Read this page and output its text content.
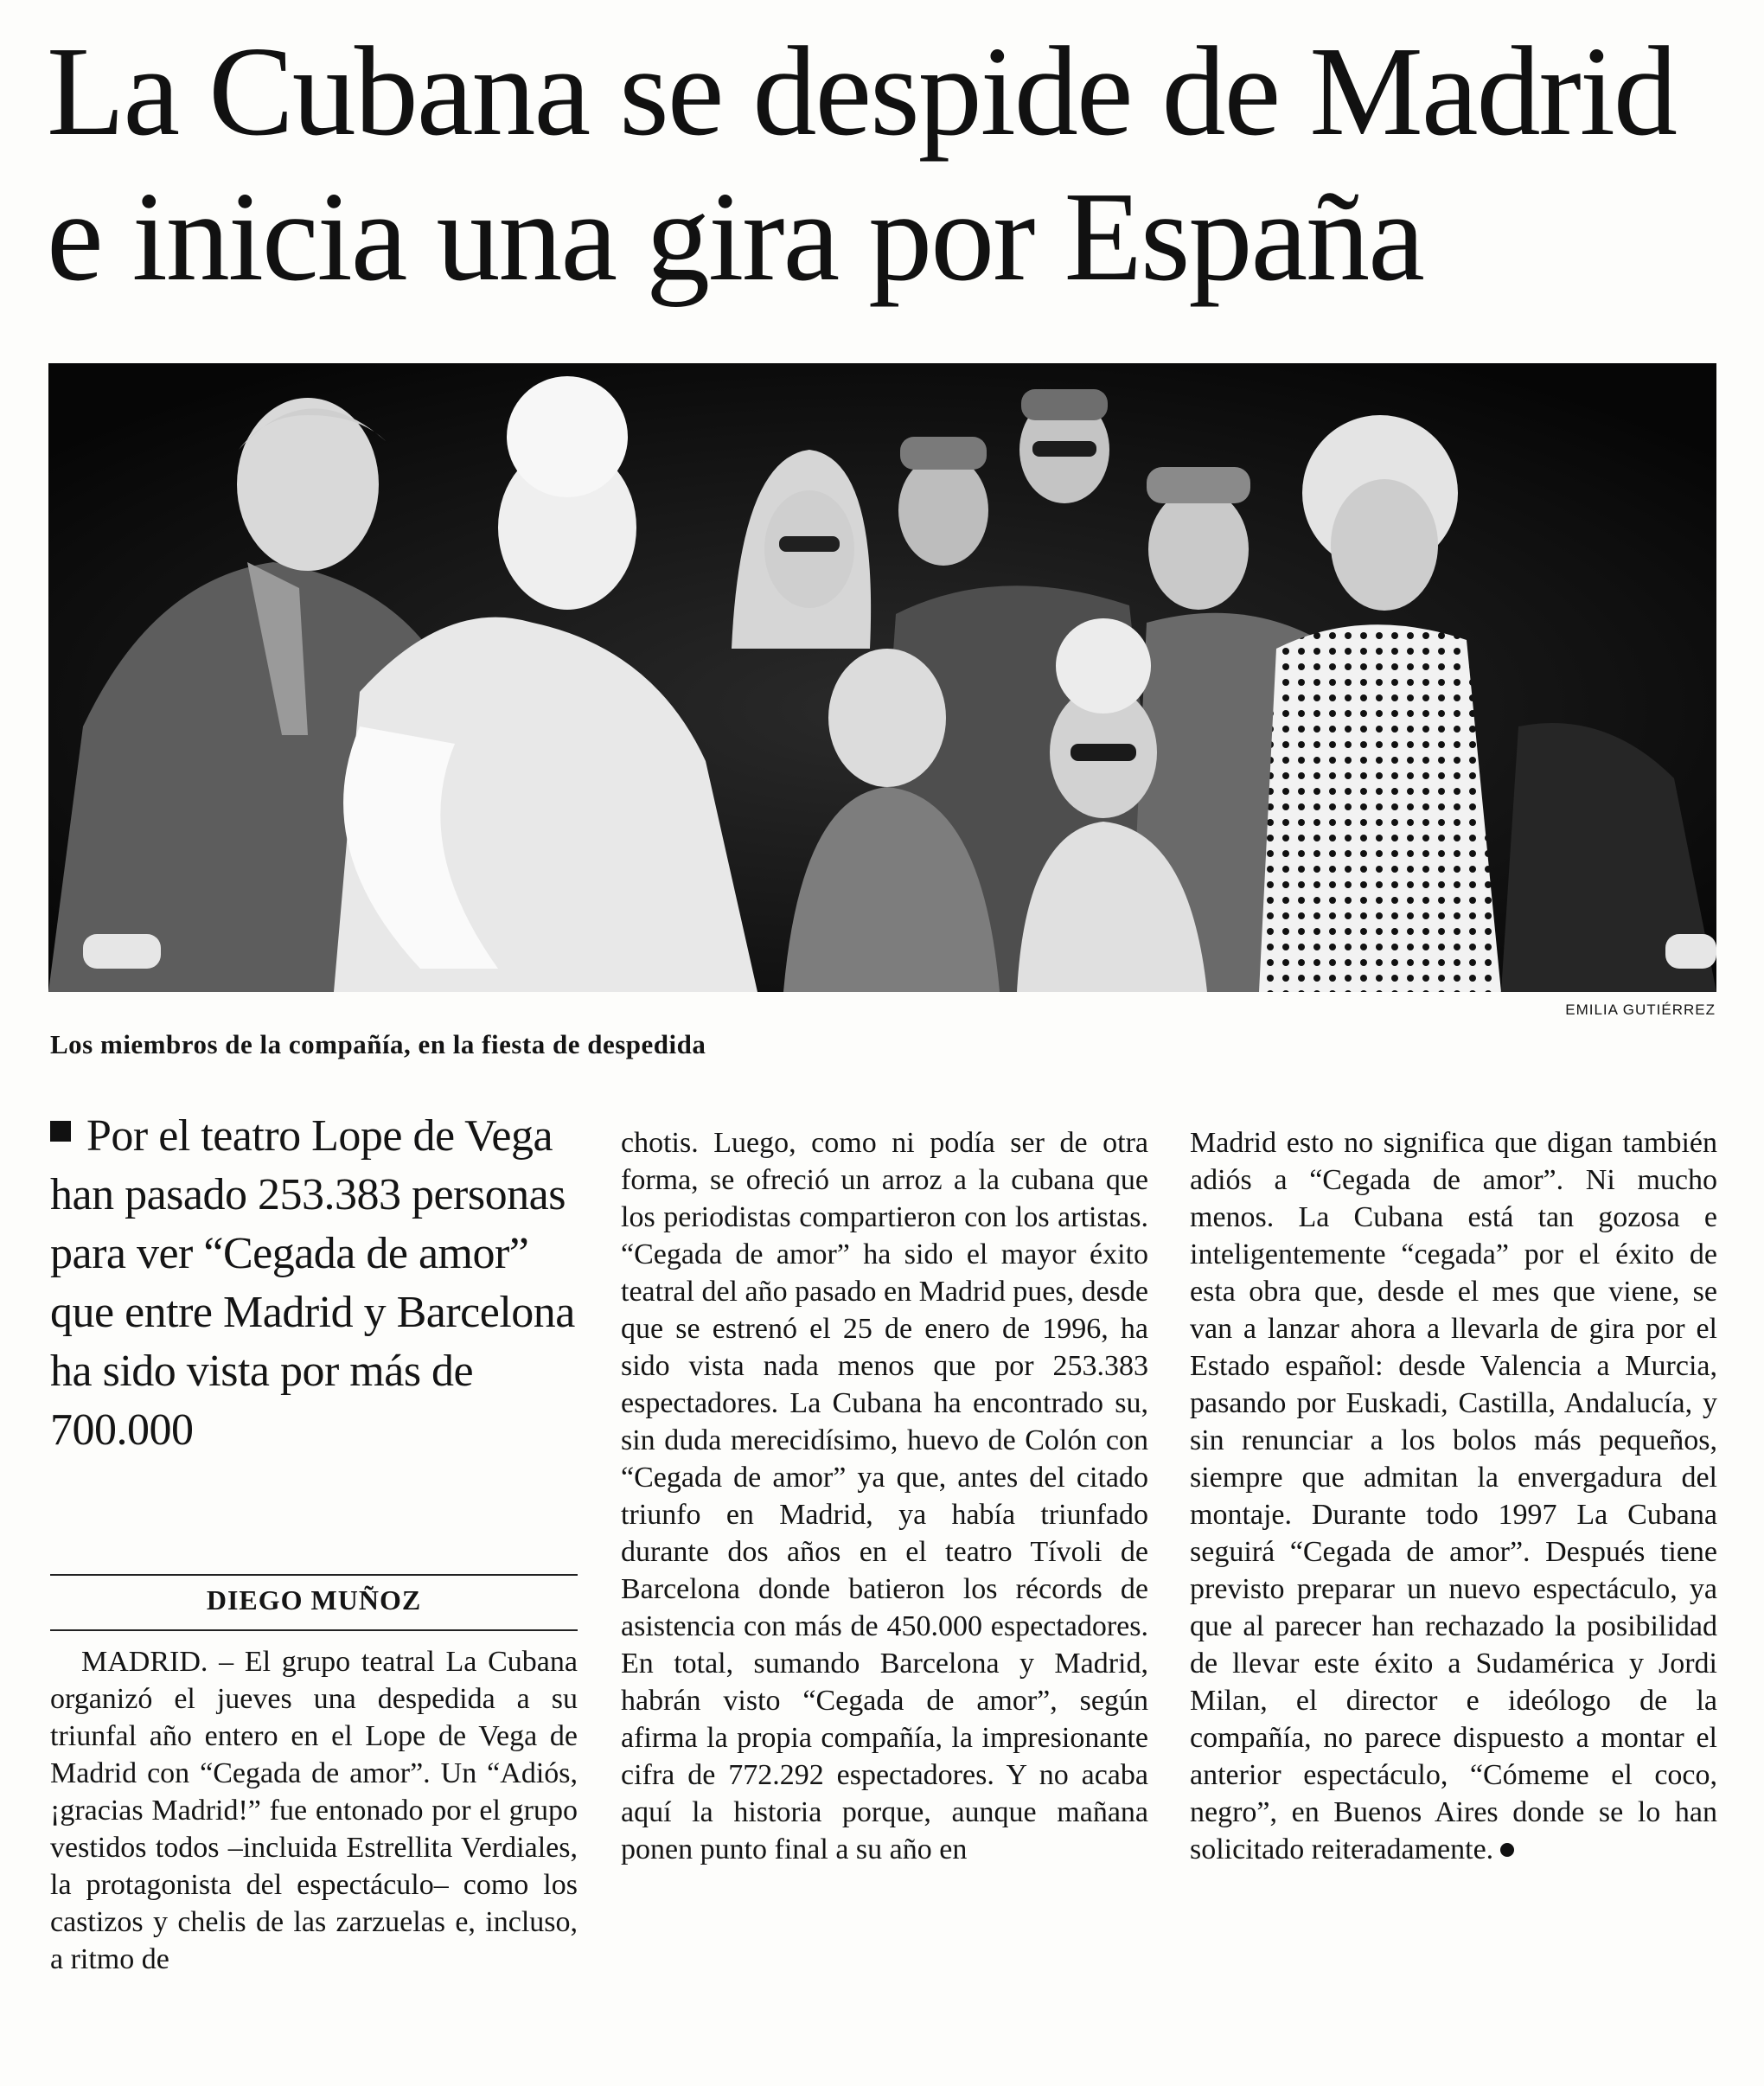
La Cubana se despide de Madrid
e inicia una gira por España
EMILIA GUTIÉRREZ
Los miembros de la compañía, en la fiesta de despedida
Por el teatro Lope de Vega han pasado 253.383 personas para ver “Cegada de amor” que entre Madrid y Barcelona ha sido vista por más de 700.000
DIEGO MUÑOZ
MADRID. – El grupo teatral La Cubana organizó el jueves una despedida a su triunfal año entero en el Lope de Vega de Madrid con “Cegada de amor”. Un “Adiós, ¡gracias Madrid!” fue entonado por el grupo vestidos todos –incluida Estrellita Verdiales, la protagonista del espectáculo– como los castizos y chelis de las zarzuelas e, incluso, a ritmo de
chotis. Luego, como ni podía ser de otra forma, se ofreció un arroz a la cubana que los periodistas compartieron con los artistas. “Cegada de amor” ha sido el mayor éxito teatral del año pasado en Madrid pues, desde que se estrenó el 25 de enero de 1996, ha sido vista nada menos que por 253.383 espectadores. La Cubana ha encontrado su, sin duda merecidísimo, huevo de Colón con “Cegada de amor” ya que, antes del citado triunfo en Madrid, ya había triunfado durante dos años en el teatro Tívoli de Barcelona donde batieron los récords de asistencia con más de 450.000 espectadores. En total, sumando Barcelona y Madrid, habrán visto “Cegada de amor”, según afirma la propia compañía, la impresionante cifra de 772.292 espectadores. Y no acaba aquí la historia porque, aunque mañana ponen punto final a su año en
Madrid esto no significa que digan también adiós a “Cegada de amor”. Ni mucho menos. La Cubana está tan gozosa e inteligentemente “cegada” por el éxito de esta obra que, desde el mes que viene, se van a lanzar ahora a llevarla de gira por el Estado español: desde Valencia a Murcia, pasando por Euskadi, Castilla, Andalucía, y sin renunciar a los bolos más pequeños, siempre que admitan la envergadura del montaje. Durante todo 1997 La Cubana seguirá “Cegada de amor”. Después tiene previsto preparar un nuevo espectáculo, ya que al parecer han rechazado la posibilidad de llevar este éxito a Sudamérica y Jordi Milan, el director e ideólogo de la compañía, no parece dispuesto a montar el anterior espectáculo, “Cómeme el coco, negro”, en Buenos Aires donde se lo han solicitado reiteradamente.
